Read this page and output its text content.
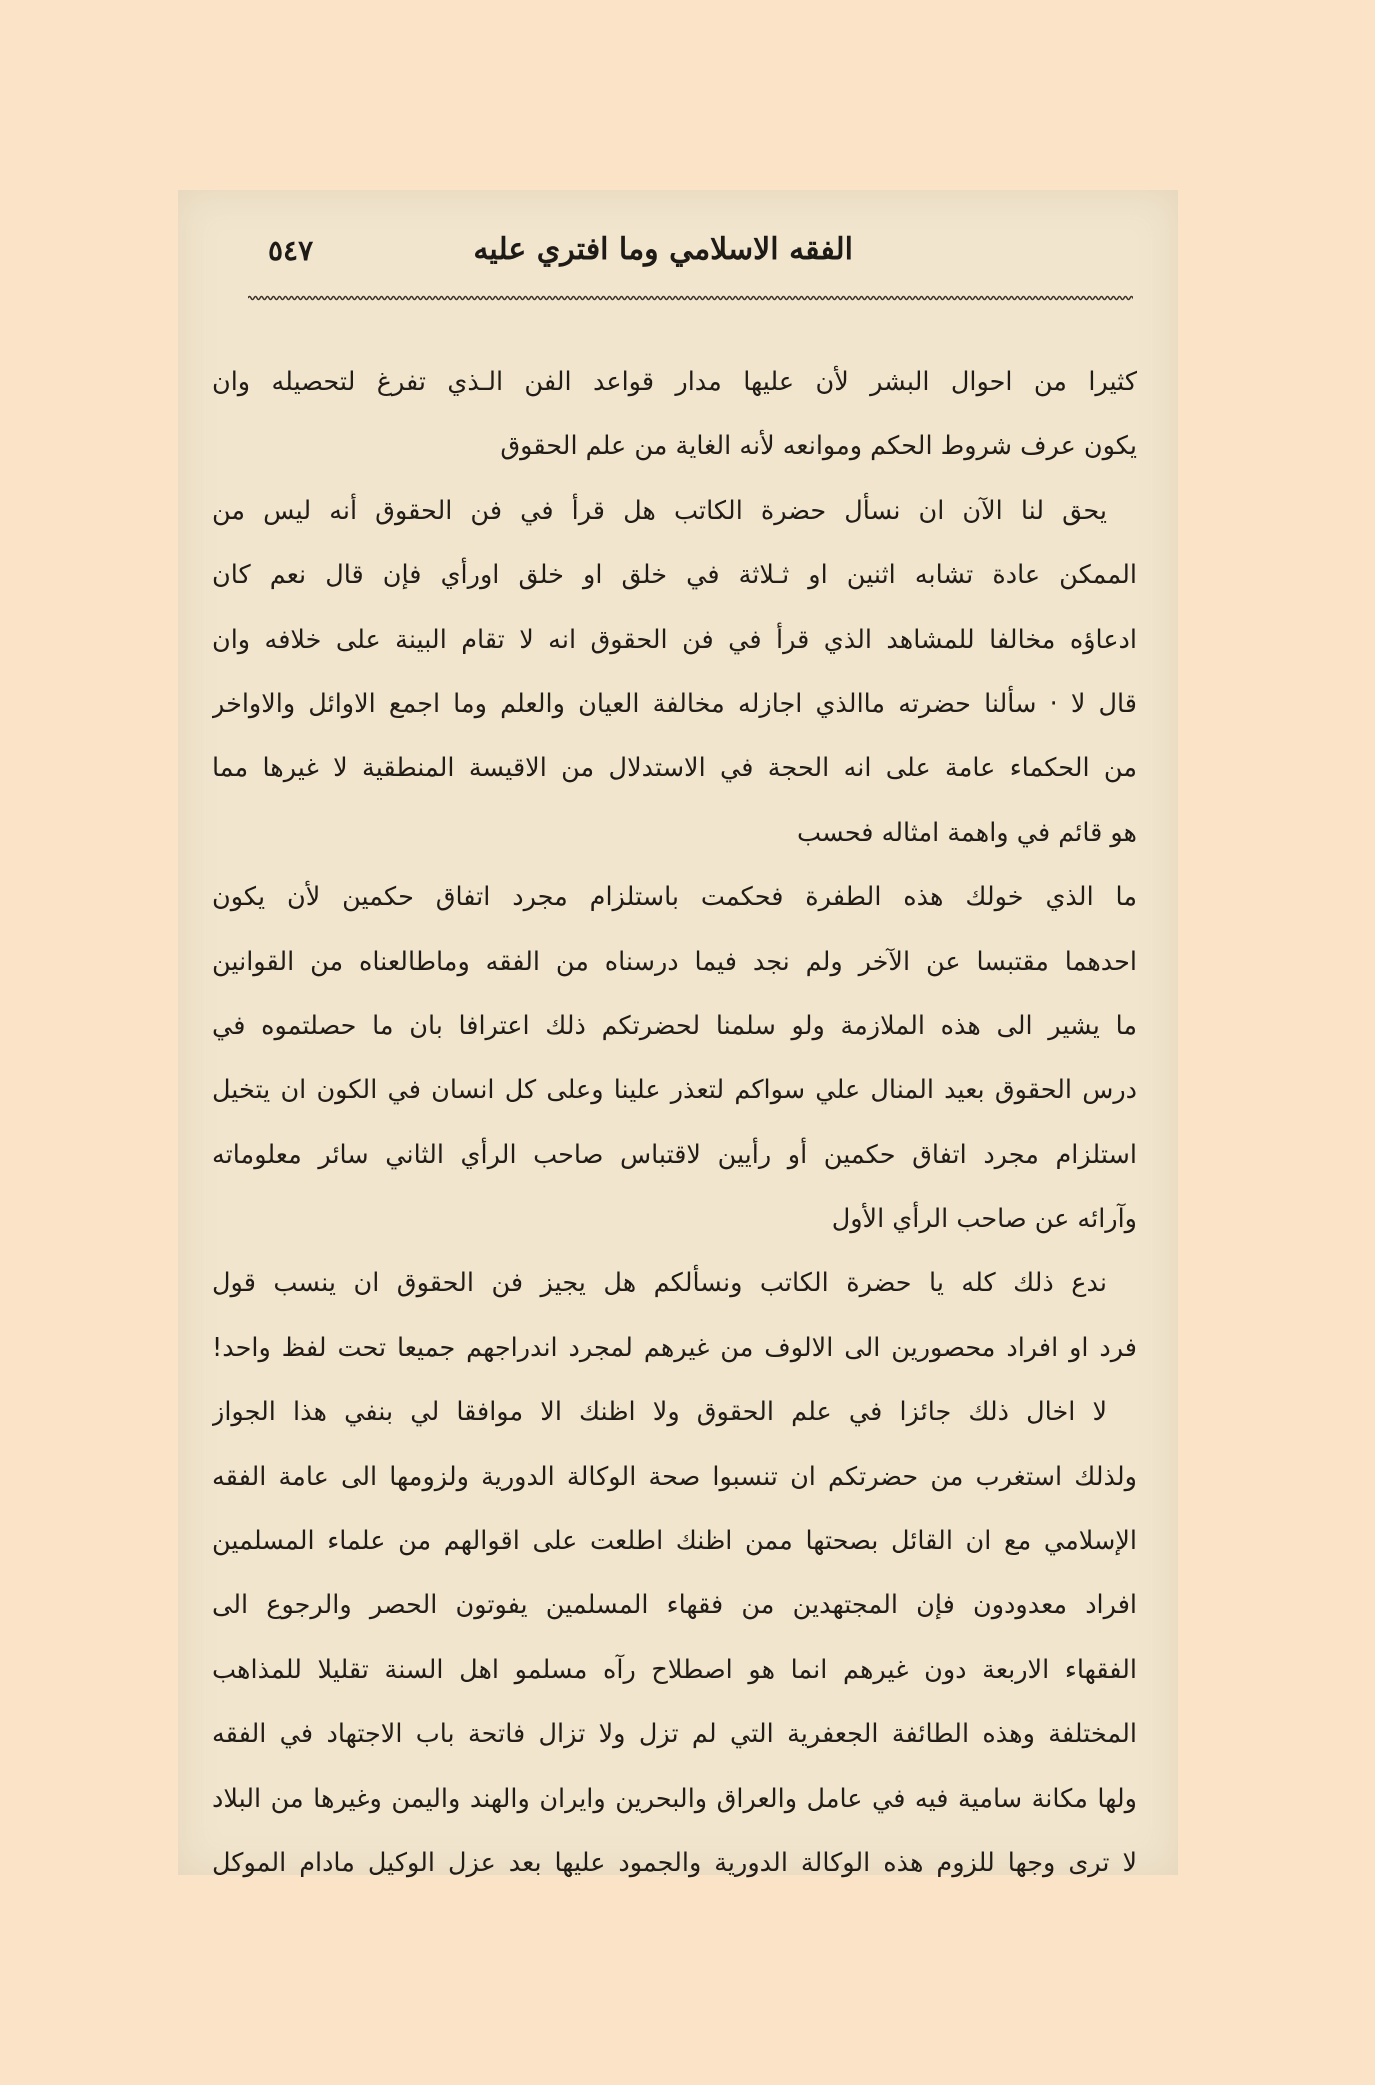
الفقه الاسلامي وما افتري عليه
٥٤٧
كثيرا من احوال البشر لأن عليها مدار قواعد الفن الـذي تفرغ لتحصيله وان
يكون عرف شروط الحكم وموانعه لأنه الغاية من علم الحقوق
يحق لنا الآن ان نسأل حضرة الكاتب هل قرأ في فن الحقوق أنه ليس من
الممكن عادة تشابه اثنين او ثـلاثة في خلق او خلق اورأي فإن قال نعم كان
ادعاؤه مخالفا للمشاهد الذي قرأ في فن الحقوق انه لا تقام البينة على خلافه وان
قال لا · سألنا حضرته ماالذي اجازله مخالفة العيان والعلم وما اجمع الاوائل والاواخر
من الحكماء عامة على انه الحجة في الاستدلال من الاقيسة المنطقية لا غيرها مما
هو قائم في واهمة امثاله فحسب
ما الذي خولك هذه الطفرة فحكمت باستلزام مجرد اتفاق حكمين لأن يكون
احدهما مقتبسا عن الآخر ولم نجد فيما درسناه من الفقه وماطالعناه من القوانين
ما يشير الى هذه الملازمة ولو سلمنا لحضرتكم ذلك اعترافا بان ما حصلتموه في
درس الحقوق بعيد المنال علي سواكم لتعذر علينا وعلى كل انسان في الكون ان يتخيل
استلزام مجرد اتفاق حكمين أو رأيين لاقتباس صاحب الرأي الثاني سائر معلوماته
وآرائه عن صاحب الرأي الأول
ندع ذلك كله يا حضرة الكاتب ونسألكم هل يجيز فن الحقوق ان ينسب قول
فرد او افراد محصورين الى الالوف من غيرهم لمجرد اندراجهم جميعا تحت لفظ واحد!
لا اخال ذلك جائزا في علم الحقوق ولا اظنك الا موافقا لي بنفي هذا الجواز
ولذلك استغرب من حضرتكم ان تنسبوا صحة الوكالة الدورية ولزومها الى عامة الفقه
الإسلامي مع ان القائل بصحتها ممن اظنك اطلعت على اقوالهم من علماء المسلمين
افراد معدودون فإن المجتهدين من فقهاء المسلمين يفوتون الحصر والرجوع الى
الفقهاء الاربعة دون غيرهم انما هو اصطلاح رآه مسلمو اهل السنة تقليلا للمذاهب
المختلفة وهذه الطائفة الجعفرية التي لم تزل ولا تزال فاتحة باب الاجتهاد في الفقه
ولها مكانة سامية فيه في عامل والعراق والبحرين وايران والهند واليمن وغيرها من البلاد
لا ترى وجها للزوم هذه الوكالة الدورية والجمود عليها بعد عزل الوكيل مادام الموكل
